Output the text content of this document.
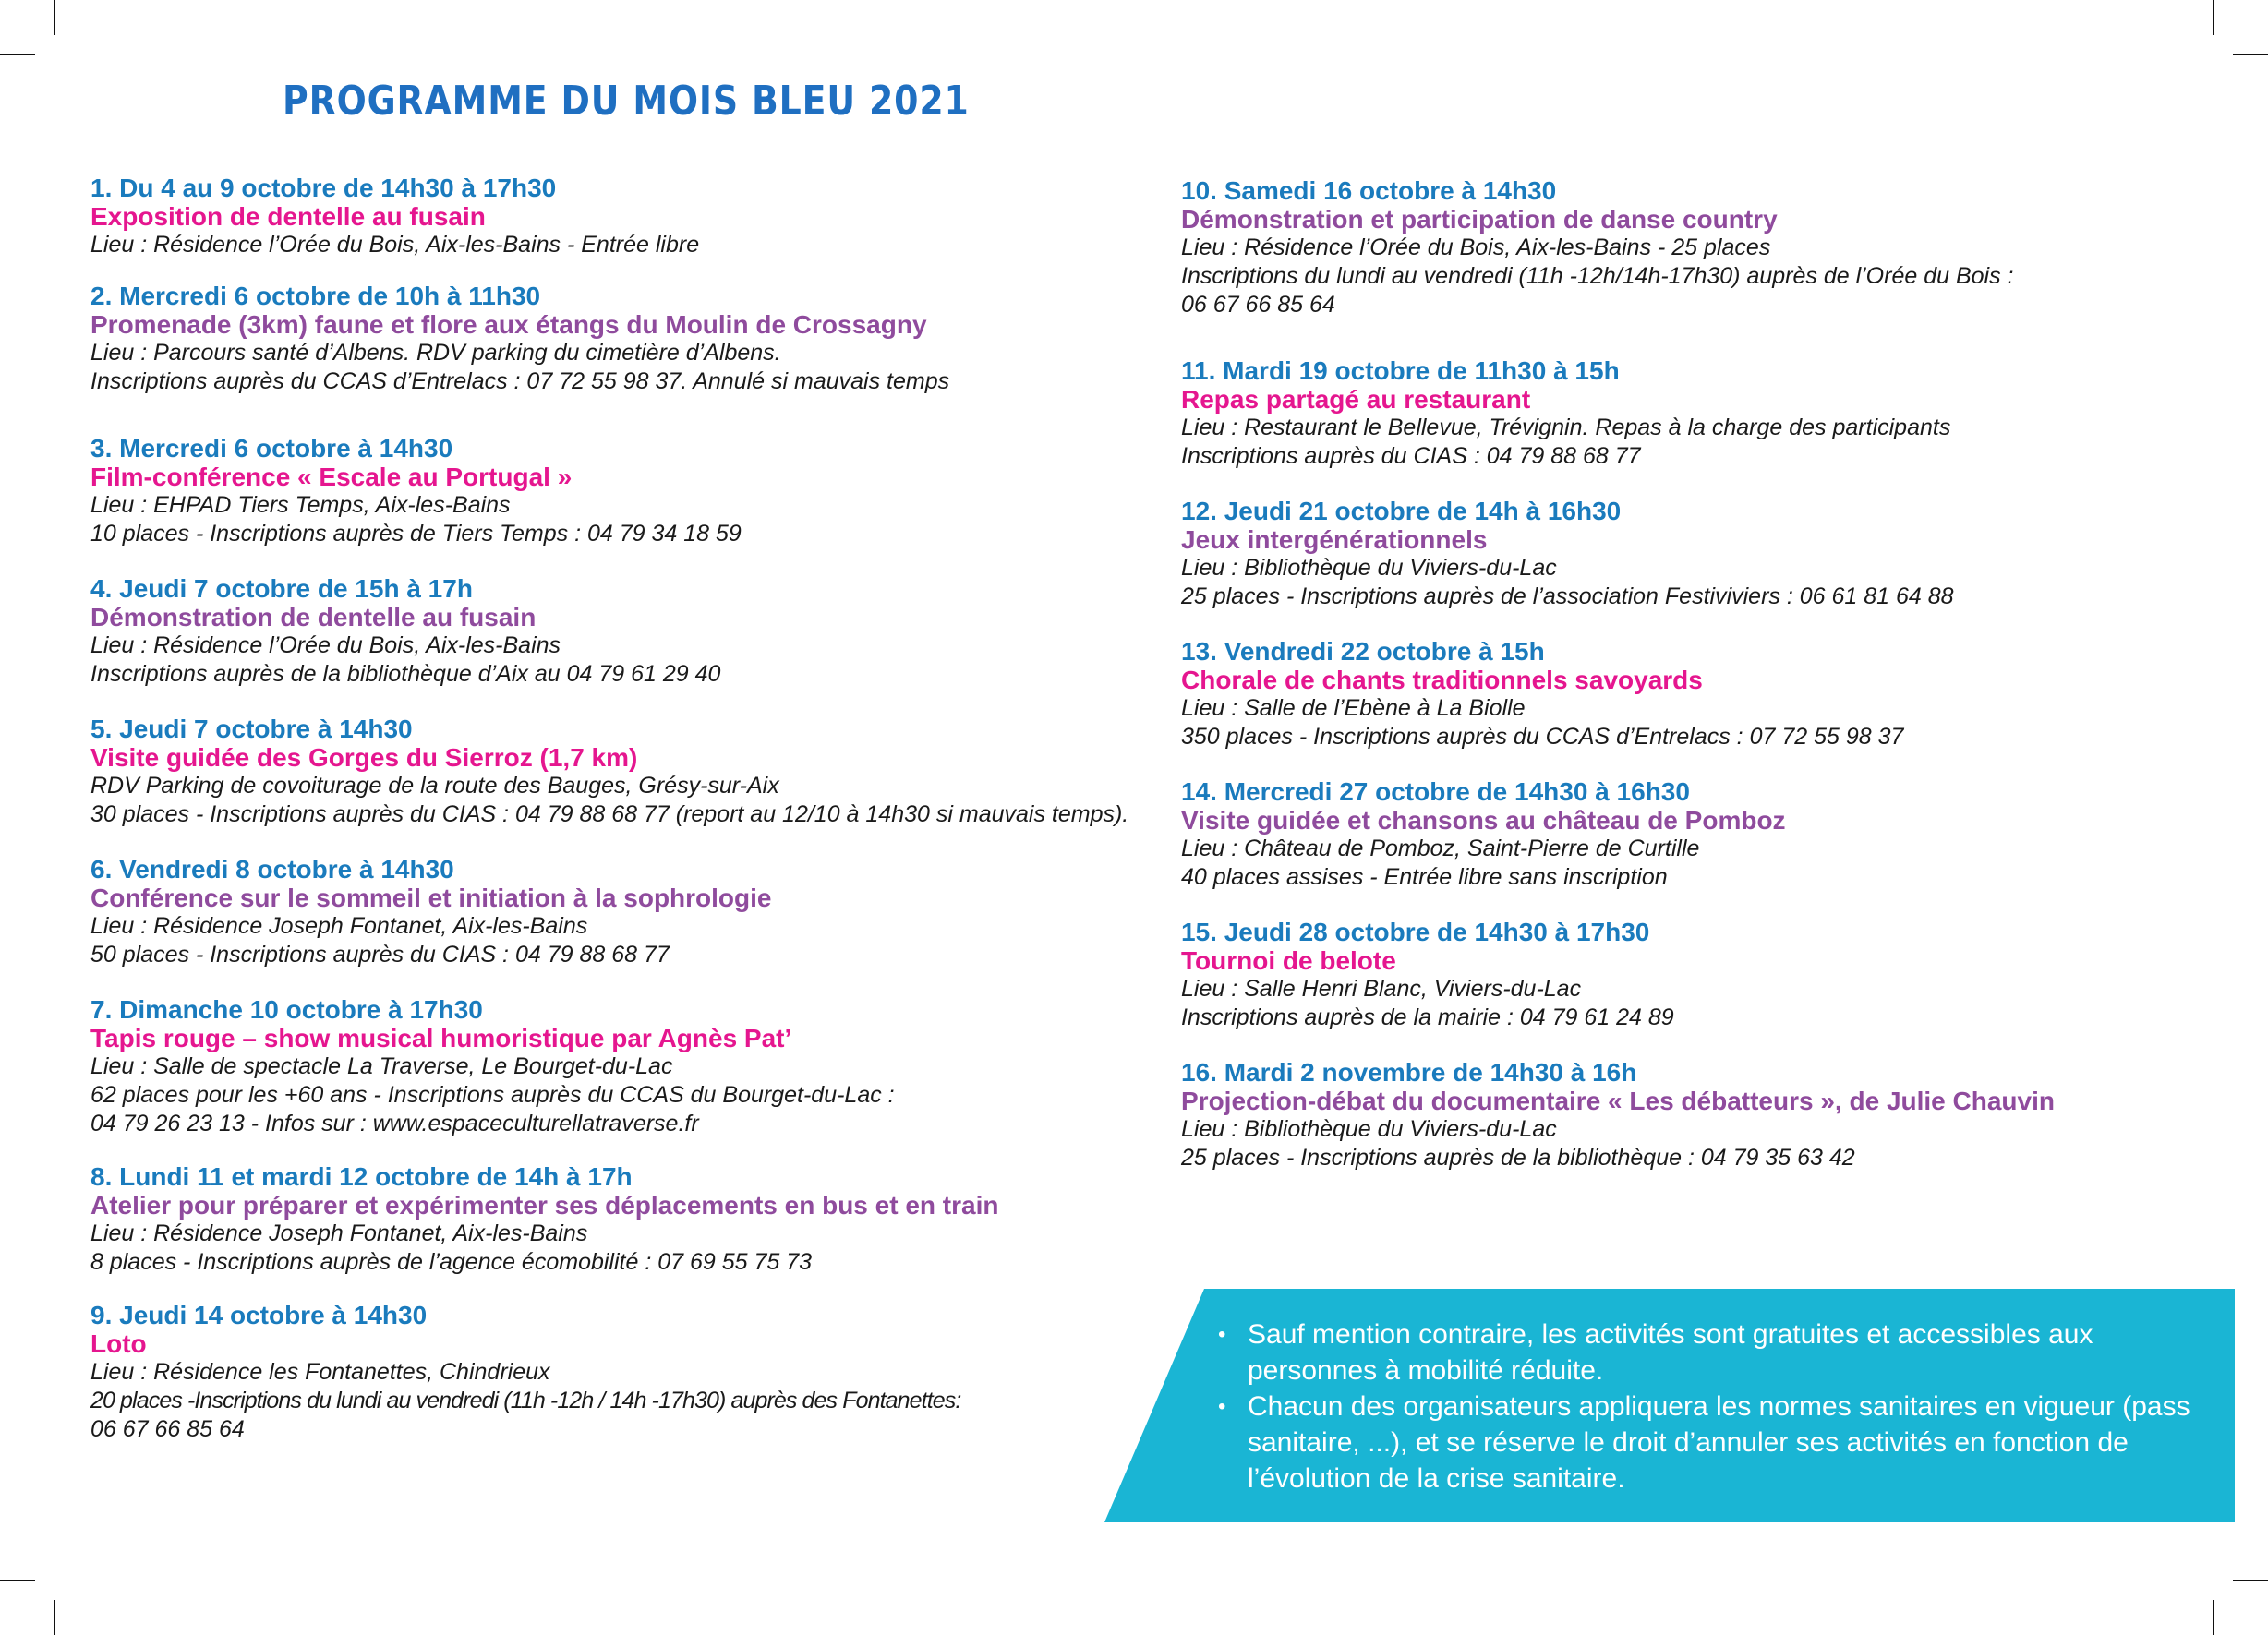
PROGRAMME DU MOIS BLEU 2021
1. Du 4 au 9 octobre de 14h30 à 17h30
Exposition de dentelle au fusain
Lieu : Résidence l’Orée du Bois, Aix-les-Bains - Entrée libre
2. Mercredi 6 octobre de 10h à 11h30
Promenade (3km) faune et flore aux étangs du Moulin de Crossagny
Lieu : Parcours santé d’Albens. RDV parking du cimetière d’Albens.
Inscriptions auprès du CCAS d’Entrelacs : 07 72 55 98 37. Annulé si mauvais temps
3. Mercredi 6 octobre à 14h30
Film-conférence « Escale au Portugal »
Lieu : EHPAD Tiers Temps, Aix-les-Bains
10 places - Inscriptions auprès de Tiers Temps : 04 79 34 18 59
4. Jeudi 7 octobre de 15h à 17h
Démonstration de dentelle au fusain
Lieu : Résidence l’Orée du Bois, Aix-les-Bains
Inscriptions auprès de la bibliothèque d’Aix au 04 79 61 29 40
5. Jeudi 7 octobre à 14h30
Visite guidée des Gorges du Sierroz (1,7 km)
RDV Parking de covoiturage de la route des Bauges, Grésy-sur-Aix
30 places - Inscriptions auprès du CIAS : 04 79 88 68 77 (report au 12/10 à 14h30 si mauvais temps).
6. Vendredi 8 octobre à 14h30
Conférence sur le sommeil et initiation à la sophrologie
Lieu : Résidence Joseph Fontanet, Aix-les-Bains
50 places - Inscriptions auprès du CIAS : 04 79 88 68 77
7. Dimanche 10 octobre à 17h30
Tapis rouge – show musical humoristique par Agnès Pat’
Lieu : Salle de spectacle La Traverse, Le Bourget-du-Lac
62 places pour les +60 ans - Inscriptions auprès du CCAS du Bourget-du-Lac :
04 79 26 23 13 - Infos sur : www.espaceculturellatraverse.fr
8. Lundi 11 et mardi 12 octobre de 14h à 17h
Atelier pour préparer et expérimenter ses déplacements en bus et en train
Lieu : Résidence Joseph Fontanet, Aix-les-Bains
8 places - Inscriptions auprès de l’agence écomobilité : 07 69 55 75 73
9. Jeudi 14 octobre à 14h30
Loto
Lieu : Résidence les Fontanettes, Chindrieux
20 places -Inscriptions du lundi au vendredi (11h -12h / 14h -17h30) auprès des Fontanettes:
06 67 66 85 64
10. Samedi 16 octobre à 14h30
Démonstration et participation de danse country
Lieu : Résidence l’Orée du Bois, Aix-les-Bains - 25 places
Inscriptions du lundi au vendredi (11h -12h/14h-17h30) auprès de l’Orée du Bois :
06 67 66 85 64
11. Mardi 19 octobre de 11h30 à 15h
Repas partagé au restaurant
Lieu : Restaurant le Bellevue, Trévignin. Repas à la charge des participants
Inscriptions auprès du CIAS : 04 79 88 68 77
12. Jeudi 21 octobre de 14h à 16h30
Jeux intergénérationnels
Lieu : Bibliothèque du Viviers-du-Lac
25 places - Inscriptions auprès de l’association Festiviviers : 06 61 81 64 88
13. Vendredi 22 octobre à 15h
Chorale de chants traditionnels savoyards
Lieu : Salle de l’Ebène à La Biolle
350 places - Inscriptions auprès du CCAS d’Entrelacs : 07 72 55 98 37
14. Mercredi 27 octobre de 14h30 à 16h30
Visite guidée et chansons au château de Pomboz
Lieu : Château de Pomboz, Saint-Pierre de Curtille
40 places assises - Entrée libre sans inscription
15. Jeudi 28 octobre de 14h30 à 17h30
Tournoi de belote
Lieu : Salle Henri Blanc, Viviers-du-Lac
Inscriptions auprès de la mairie : 04 79 61 24 89
16. Mardi 2 novembre de 14h30 à 16h
Projection-débat du documentaire « Les débatteurs », de Julie Chauvin
Lieu : Bibliothèque du Viviers-du-Lac
25 places - Inscriptions auprès de la bibliothèque : 04 79 35 63 42
• Sauf mention contraire, les activités sont gratuites et accessibles aux personnes à mobilité réduite.
• Chacun des organisateurs appliquera les normes sanitaires en vigueur (pass sanitaire, ...), et se réserve le droit d’annuler ses activités en fonction de l’évolution de la crise sanitaire.
